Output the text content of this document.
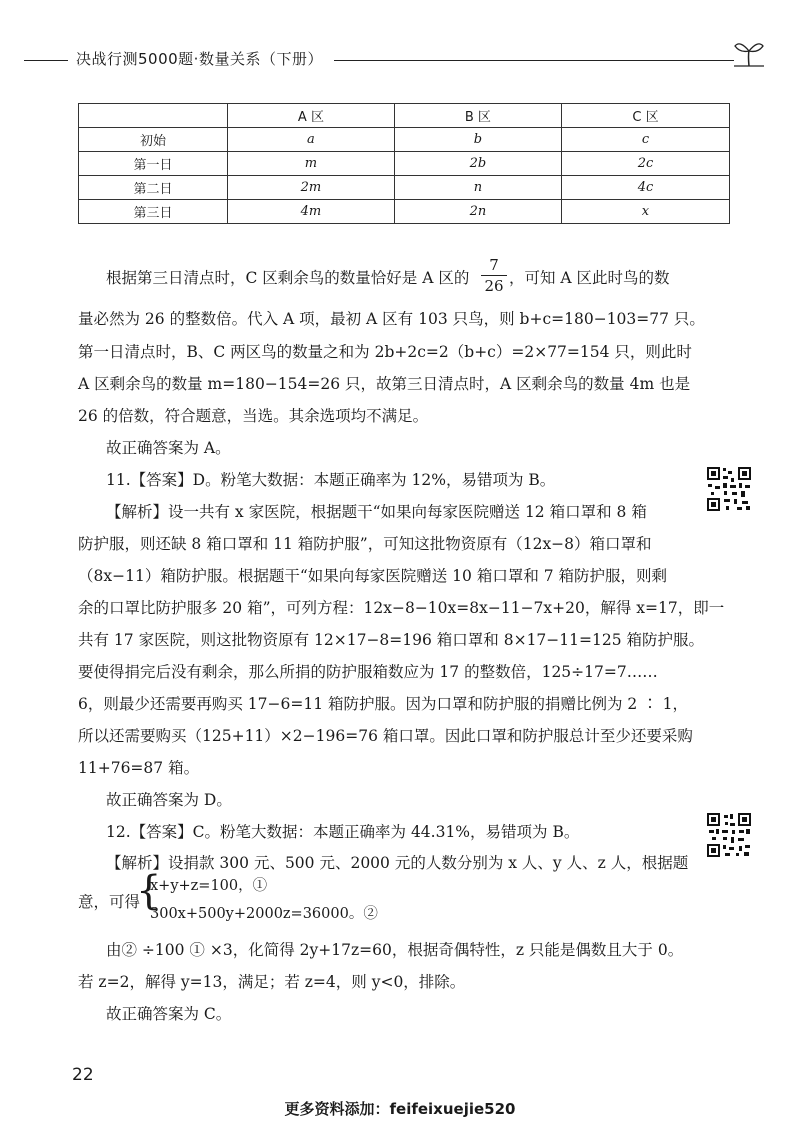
决战行测5000题·数量关系（下册）
	A 区	B 区	C 区
初始	a	b	c
第一日	m	2b	2c
第二日	2m	n	4c
第三日	4m	2n	x
根据第三日清点时，C 区剩余鸟的数量恰好是 A 区的
7
26 ，可知 A 区此时鸟的数
量必然为 26 的整数倍。代入 A 项，最初 A 区有 103 只鸟，则 b+c=180−103=77 只。
第一日清点时，B、C 两区鸟的数量之和为 2b+2c=2（b+c）=2×77=154 只，则此时
A 区剩余鸟的数量 m=180−154=26 只，故第三日清点时，A 区剩余鸟的数量 4m 也是
26 的倍数，符合题意，当选。其余选项均不满足。
故正确答案为 A。
11.【答案】D。粉笔大数据：本题正确率为 12%，易错项为 B。
【解析】设一共有 x 家医院，根据题干“如果向每家医院赠送 12 箱口罩和 8 箱
防护服，则还缺 8 箱口罩和 11 箱防护服”，可知这批物资原有（12x−8）箱口罩和
（8x−11）箱防护服。根据题干“如果向每家医院赠送 10 箱口罩和 7 箱防护服，则剩
余的口罩比防护服多 20 箱”，可列方程：12x−8−10x=8x−11−7x+20，解得 x=17，即一
共有 17 家医院，则这批物资原有 12×17−8=196 箱口罩和 8×17−11=125 箱防护服。
要使得捐完后没有剩余，那么所捐的防护服箱数应为 17 的整数倍，125÷17=7……
6，则最少还需要再购买 17−6=11 箱防护服。因为口罩和防护服的捐赠比例为 2 ∶ 1，
所以还需要购买（125+11）×2−196=76 箱口罩。因此口罩和防护服总计至少还要采购
11+76=87 箱。
故正确答案为 D。
12.【答案】C。粉笔大数据：本题正确率为 44.31%，易错项为 B。
【解析】设捐款 300 元、500 元、2000 元的人数分别为 x 人、y 人、z 人，根据题
意，可得
{
x+y+z=100，①
300x+500y+2000z=36000。②
由② ÷100 ① ×3，化简得 2y+17z=60，根据奇偶特性，z 只能是偶数且大于 0。
若 z=2，解得 y=13，满足；若 z=4，则 y<0，排除。
故正确答案为 C。
22
更多资料添加：feifeixuejie520
